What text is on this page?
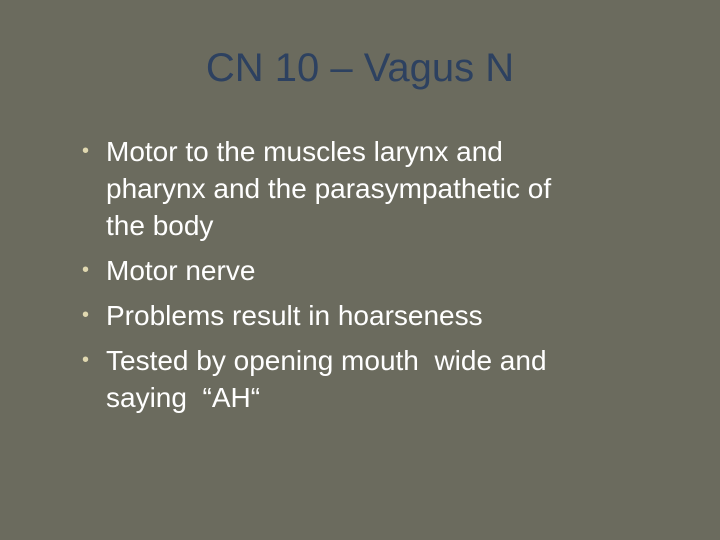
CN 10 – Vagus N
• Motor to the muscles larynx and
pharynx and the parasympathetic of
the body
• Motor nerve
• Problems result in hoarseness
• Tested by opening mouth  wide and
saying  “AH“
